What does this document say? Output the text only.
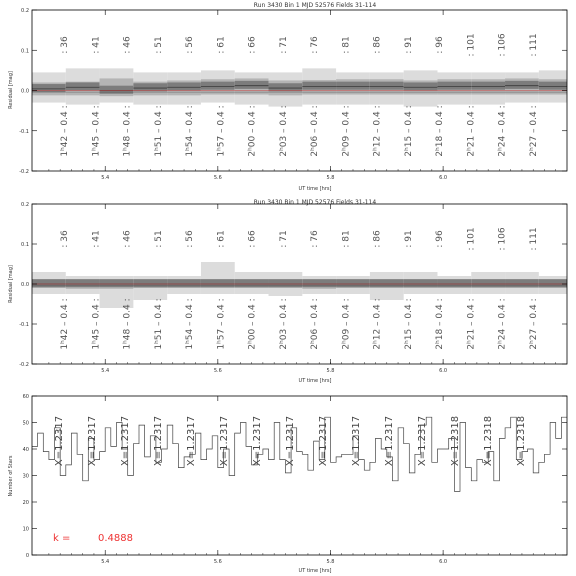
Run 3430 Bin 1 MJD 52576 Fields 31-114
: 36
1ʰ42 – 0.4 :
: 41
1ʰ45 – 0.4 :
: 46
1ʰ48 – 0.4 :
: 51
1ʰ51 – 0.4 :
: 56
1ʰ54 – 0.4 :
: 61
1ʰ57 – 0.4 :
: 66
2ʰ00 – 0.4 :
: 71
2ʰ03 – 0.4 :
: 76
2ʰ06 – 0.4 :
: 81
2ʰ09 – 0.4 :
: 86
2ʰ12 – 0.4 :
: 91
2ʰ15 – 0.4 :
: 96
2ʰ18 – 0.4 :
: 101
2ʰ21 – 0.4 :
: 106
2ʰ24 – 0.4 :
: 111
2ʰ27 – 0.4 :
5.4	5.6	5.8	6.0
-0.2
-0.1
0.0
0.1
0.2
UT time [hrs]
Residual [mag]
Run 3430 Bin 1 MJD 52576 Fields 31-114
: 36
1ʰ42 – 0.4 :
: 41
1ʰ45 – 0.4 :
: 46
1ʰ48 – 0.4 :
: 51
1ʰ51 – 0.4 :
: 56
1ʰ54 – 0.4 :
: 61
1ʰ57 – 0.4 :
: 66
2ʰ00 – 0.4 :
: 71
2ʰ03 – 0.4 :
: 76
2ʰ06 – 0.4 :
: 81
2ʰ09 – 0.4 :
: 86
2ʰ12 – 0.4 :
: 91
2ʰ15 – 0.4 :
: 96
2ʰ18 – 0.4 :
: 101
2ʰ21 – 0.4 :
: 106
2ʰ24 – 0.4 :
: 111
2ʰ27 – 0.4 :
5.4	5.6	5.8	6.0
-0.2
-0.1
0.0
0.1
0.2
UT time [hrs]
Residual [mag]
X=1.2317 X=1.2317 X=1.2317 X=1.2317 X=1.2317 X=1.2317 X=1.2317 X=1.2317 X=1.2317 X=1.2317 X=1.2317 X=1.2317 X=1.2318 X=1.2318 X=1.2318
5.4	5.6	5.8	6.0
0
10
20
30
40
50
60
UT time [hrs]
Number of Stars
k =	0.4888
